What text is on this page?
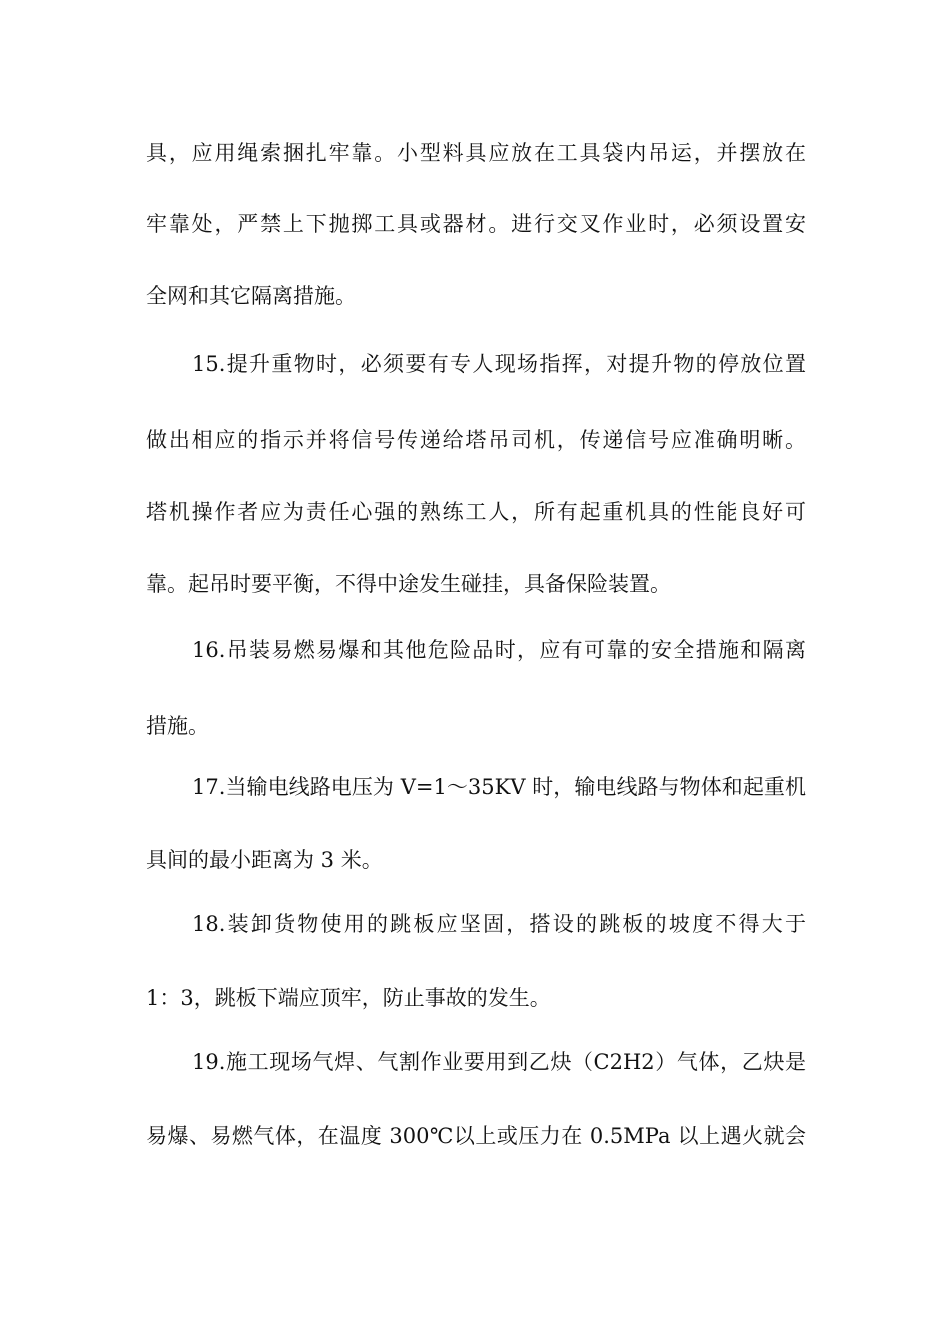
具，应用绳索捆扎牢靠。小型料具应放在工具袋内吊运，并摆放在
牢靠处，严禁上下抛掷工具或器材。进行交叉作业时，必须设置安
全网和其它隔离措施。
15.提升重物时，必须要有专人现场指挥，对提升物的停放位置
做出相应的指示并将信号传递给塔吊司机，传递信号应准确明晰。
塔机操作者应为责任心强的熟练工人，所有起重机具的性能良好可
靠。起吊时要平衡，不得中途发生碰挂，具备保险装置。
16.吊装易燃易爆和其他危险品时，应有可靠的安全措施和隔离
措施。
17.当输电线路电压为 V=1～35KV 时，输电线路与物体和起重机
具间的最小距离为 3 米。
18.装卸货物使用的跳板应坚固，搭设的跳板的坡度不得大于
1：3，跳板下端应顶牢，防止事故的发生。
19.施工现场气焊、气割作业要用到乙炔（C2H2）气体，乙炔是
易爆、易燃气体，在温度 300℃以上或压力在 0.5MPa 以上遇火就会
